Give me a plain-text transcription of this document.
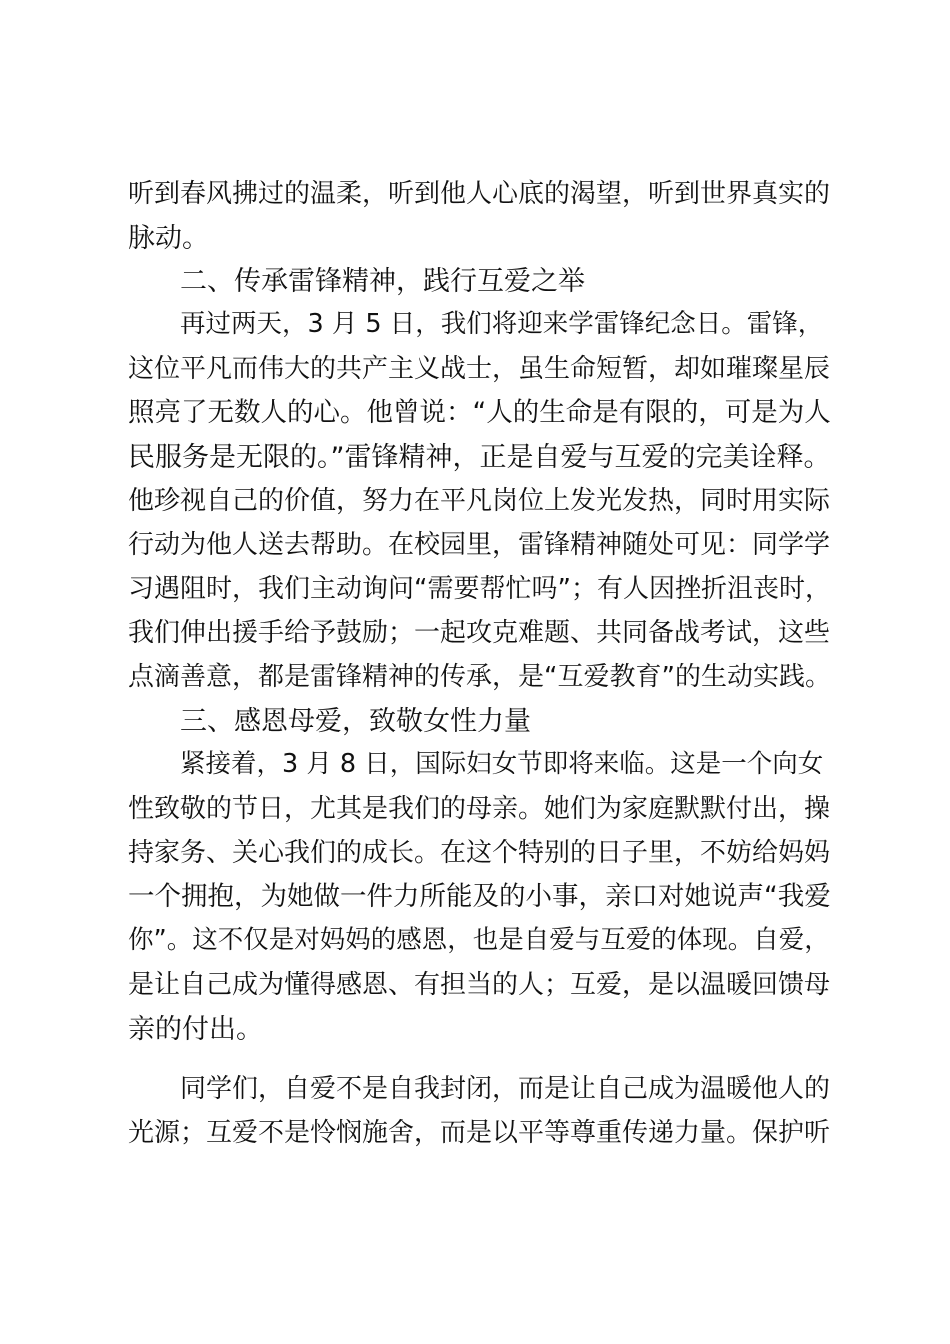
听到春风拂过的温柔，听到他人心底的渴望，听到世界真实的

脉动。

二、传承雷锋精神，践行互爱之举

再过两天，3 月 5 日，我们将迎来学雷锋纪念日。雷锋，

这位平凡而伟大的共产主义战士，虽生命短暂，却如璀璨星辰

照亮了无数人的心。他曾说：“人的生命是有限的，可是为人

民服务是无限的。”雷锋精神，正是自爱与互爱的完美诠释。

他珍视自己的价值，努力在平凡岗位上发光发热，同时用实际

行动为他人送去帮助。在校园里，雷锋精神随处可见：同学学

习遇阻时，我们主动询问“需要帮忙吗”；有人因挫折沮丧时，

我们伸出援手给予鼓励；一起攻克难题、共同备战考试，这些

点滴善意，都是雷锋精神的传承，是“互爱教育”的生动实践。

三、感恩母爱，致敬女性力量

紧接着，3 月 8 日，国际妇女节即将来临。这是一个向女

性致敬的节日，尤其是我们的母亲。她们为家庭默默付出，操

持家务、关心我们的成长。在这个特别的日子里，不妨给妈妈

一个拥抱，为她做一件力所能及的小事，亲口对她说声“我爱

你”。这不仅是对妈妈的感恩，也是自爱与互爱的体现。自爱，

是让自己成为懂得感恩、有担当的人；互爱，是以温暖回馈母

亲的付出。

同学们，自爱不是自我封闭，而是让自己成为温暖他人的

光源；互爱不是怜悯施舍，而是以平等尊重传递力量。保护听
